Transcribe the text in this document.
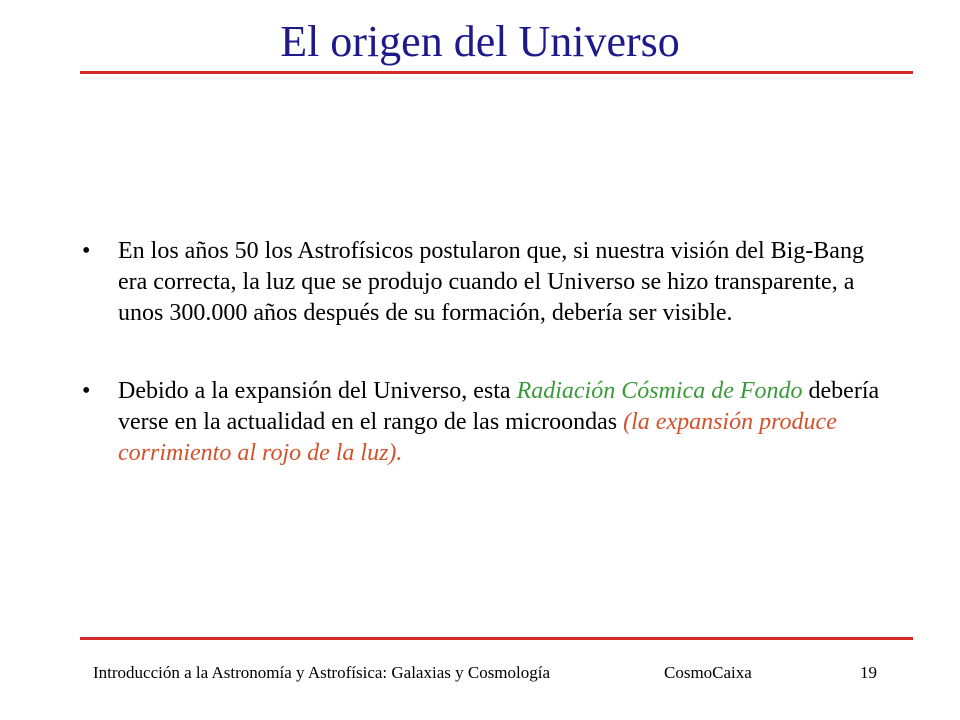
El origen del Universo
• En los años 50 los Astrofísicos postularon que, si nuestra visión del Big-Bang era correcta, la luz que se produjo cuando el Universo se hizo transparente, a unos 300.000 años después de su formación, debería ser visible.
• Debido a la expansión del Universo, esta Radiación Cósmica de Fondo debería verse en la actualidad en el rango de las microondas (la expansión produce corrimiento al rojo de la luz).
Introducción a la Astronomía y Astrofísica: Galaxias y Cosmología	CosmoCaixa	19
